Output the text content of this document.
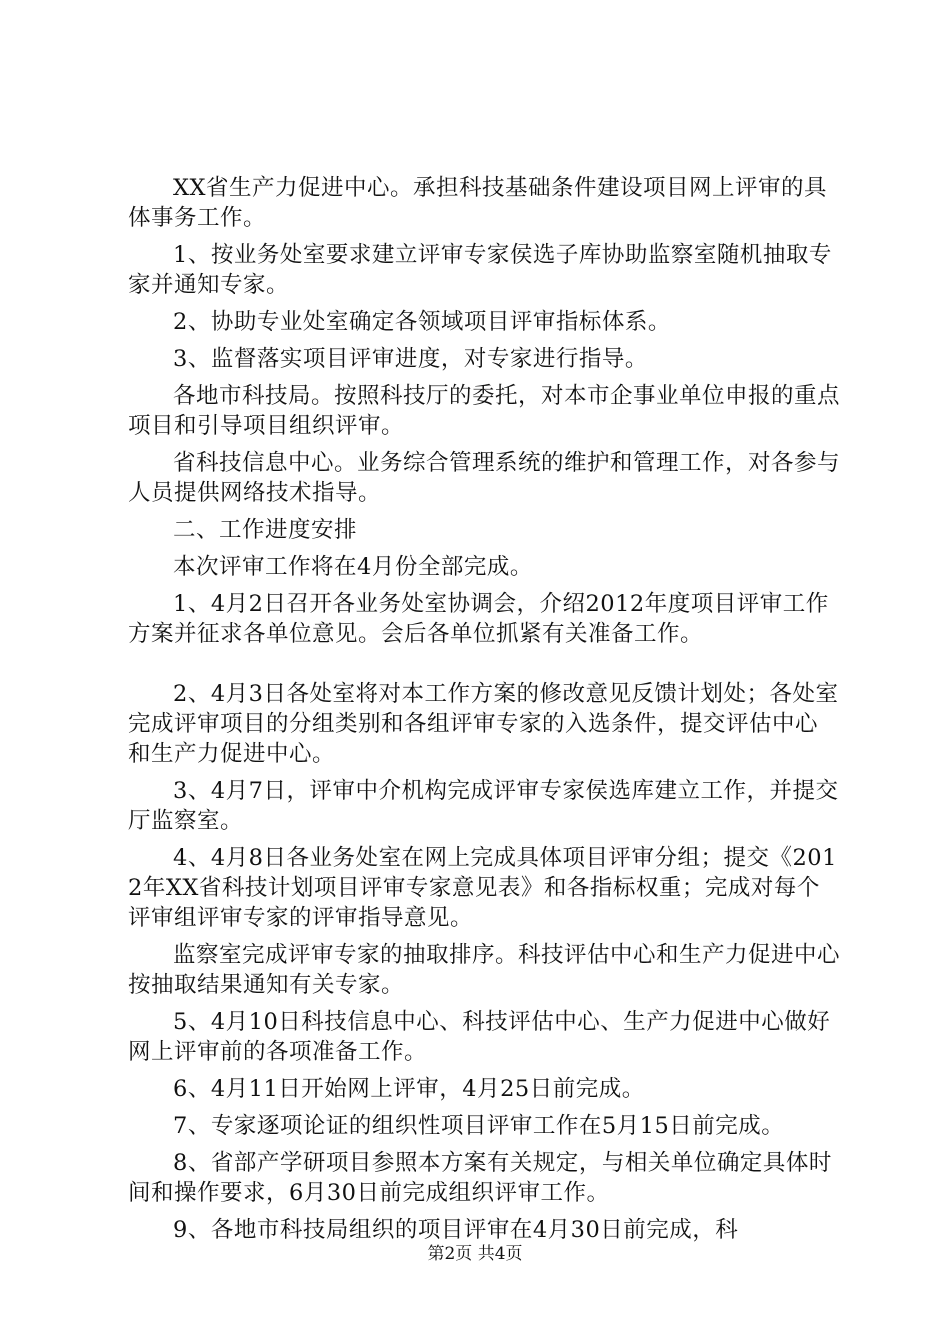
XX省生产力促进中心。承担科技基础条件建设项目网上评审的具体事务工作。

1、按业务处室要求建立评审专家侯选子库协助监察室随机抽取专家并通知专家。

2、协助专业处室确定各领域项目评审指标体系。

3、监督落实项目评审进度，对专家进行指导。

各地市科技局。按照科技厅的委托，对本市企事业单位申报的重点项目和引导项目组织评审。

省科技信息中心。业务综合管理系统的维护和管理工作，对各参与人员提供网络技术指导。

二、工作进度安排

本次评审工作将在4月份全部完成。

1、4月2日召开各业务处室协调会，介绍2012年度项目评审工作方案并征求各单位意见。会后各单位抓紧有关准备工作。

2、4月3日各处室将对本工作方案的修改意见反馈计划处；各处室完成评审项目的分组类别和各组评审专家的入选条件，提交评估中心和生产力促进中心。

3、4月7日，评审中介机构完成评审专家侯选库建立工作，并提交厅监察室。

4、4月8日各业务处室在网上完成具体项目评审分组；提交《2012年XX省科技计划项目评审专家意见表》和各指标权重；完成对每个评审组评审专家的评审指导意见。

监察室完成评审专家的抽取排序。科技评估中心和生产力促进中心按抽取结果通知有关专家。

5、4月10日科技信息中心、科技评估中心、生产力促进中心做好网上评审前的各项准备工作。

6、4月11日开始网上评审，4月25日前完成。

7、专家逐项论证的组织性项目评审工作在5月15日前完成。

8、省部产学研项目参照本方案有关规定，与相关单位确定具体时间和操作要求，6月30日前完成组织评审工作。

9、各地市科技局组织的项目评审在4月30日前完成，科

第2页 共4页
